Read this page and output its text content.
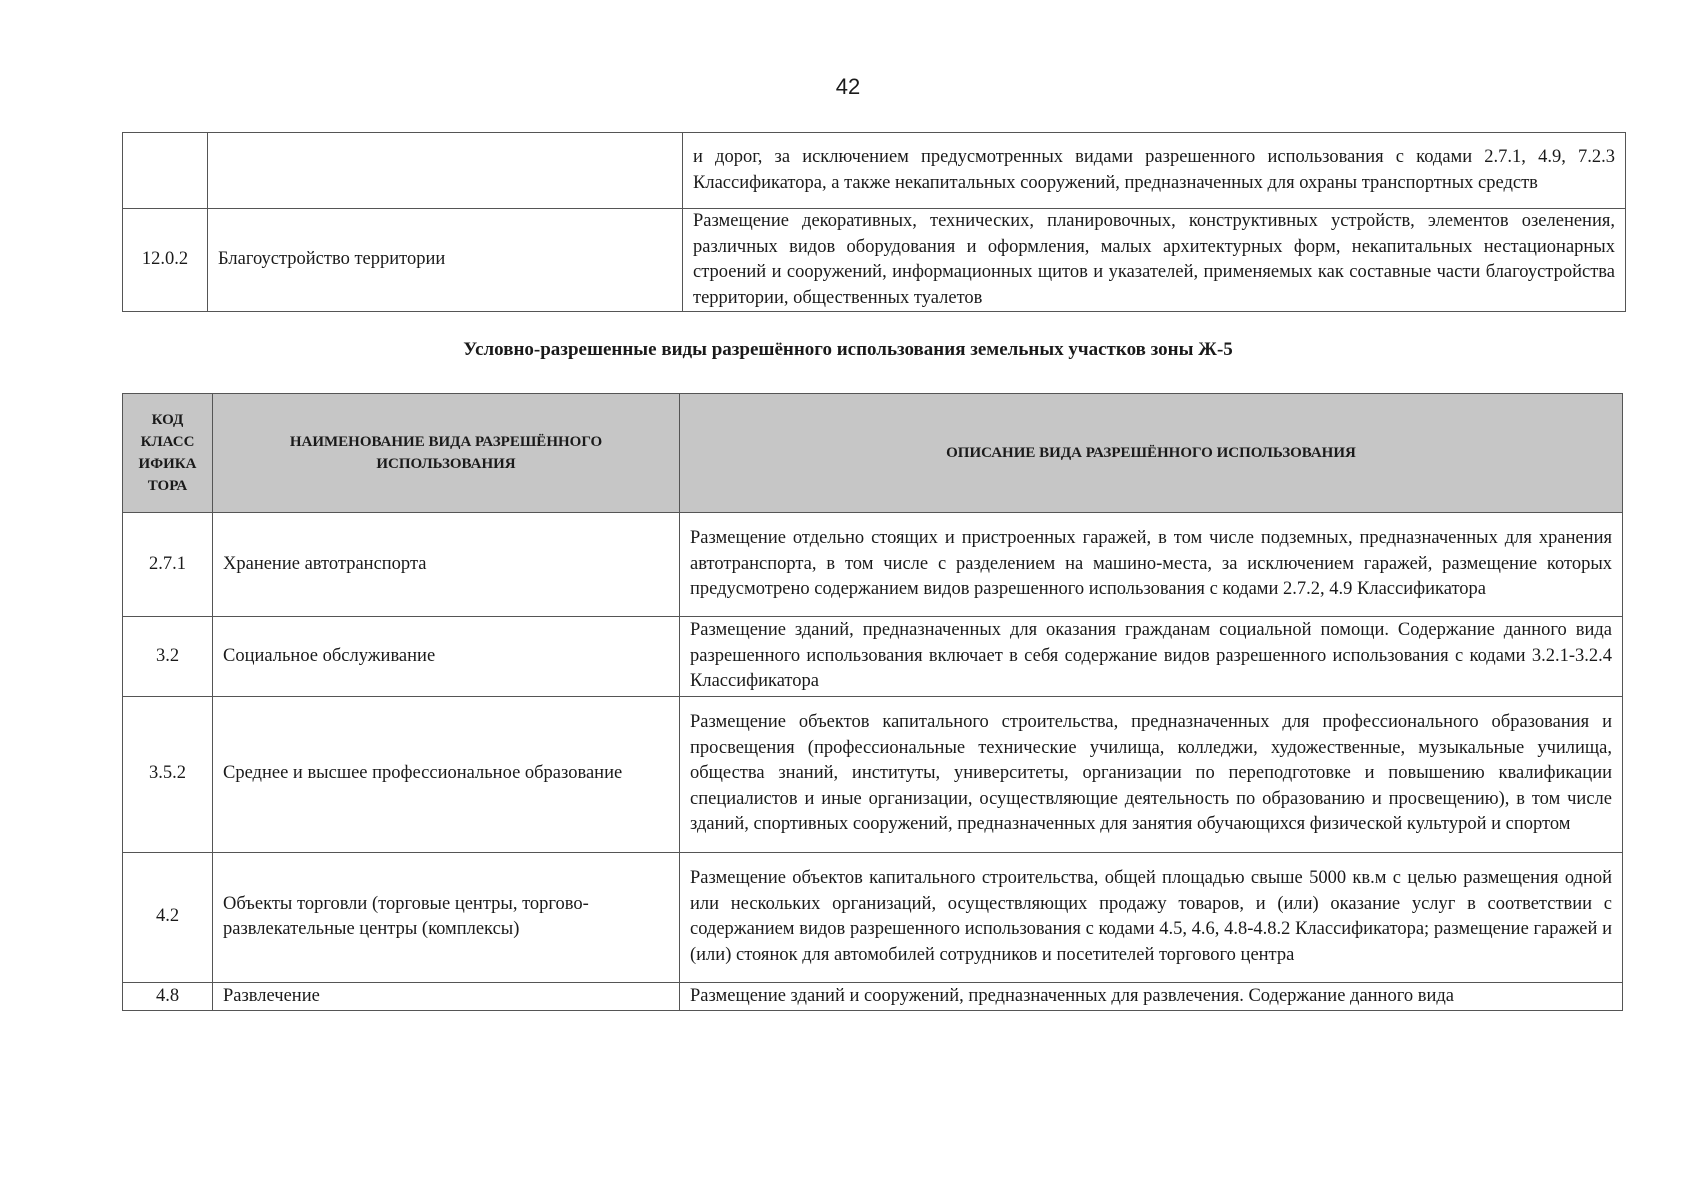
42
		и дорог, за исключением предусмотренных видами разрешенного использования с кодами 2.7.1, 4.9, 7.2.3 Классификатора, а также некапитальных сооружений, предназначенных для охраны транспортных средств
12.0.2	Благоустройство территории	Размещение декоративных, технических, планировочных, конструктивных устройств, элементов озеленения, различных видов оборудования и оформления, малых архитектурных форм, некапитальных нестационарных строений и сооружений, информационных щитов и указателей, применяемых как составные части благоустройства территории, общественных туалетов
Условно-разрешенные виды разрешённого использования земельных участков зоны Ж-5
КОД КЛАСС ИФИКА ТОРА	НАИМЕНОВАНИЕ ВИДА РАЗРЕШЁННОГО ИСПОЛЬЗОВАНИЯ	ОПИСАНИЕ ВИДА РАЗРЕШЁННОГО ИСПОЛЬЗОВАНИЯ
2.7.1	Хранение автотранспорта	Размещение отдельно стоящих и пристроенных гаражей, в том числе подземных, предназначенных для хранения автотранспорта, в том числе с разделением на машино-места, за исключением гаражей, размещение которых предусмотрено содержанием видов разрешенного использования с кодами 2.7.2, 4.9 Классификатора
3.2	Социальное обслуживание	Размещение зданий, предназначенных для оказания гражданам социальной помощи. Содержание данного вида разрешенного использования включает в себя содержание видов разрешенного использования с кодами 3.2.1-3.2.4 Классификатора
3.5.2	Среднее и высшее профессиональное образование	Размещение объектов капитального строительства, предназначенных для профессионального образования и просвещения (профессиональные технические училища, колледжи, художественные, музыкальные училища, общества знаний, институты, университеты, организации по переподготовке и повышению квалификации специалистов и иные организации, осуществляющие деятельность по образованию и просвещению), в том числе зданий, спортивных сооружений, предназначенных для занятия обучающихся физической культурой и спортом
4.2	Объекты торговли (торговые центры, торгово-развлекательные центры (комплексы)	Размещение объектов капитального строительства, общей площадью свыше 5000 кв.м с целью размещения одной или нескольких организаций, осуществляющих продажу товаров, и (или) оказание услуг в соответствии с содержанием видов разрешенного использования с кодами 4.5, 4.6, 4.8-4.8.2 Классификатора; размещение гаражей и (или) стоянок для автомобилей сотрудников и посетителей торгового центра
4.8	Развлечение	Размещение зданий и сооружений, предназначенных для развлечения. Содержание данного вида
